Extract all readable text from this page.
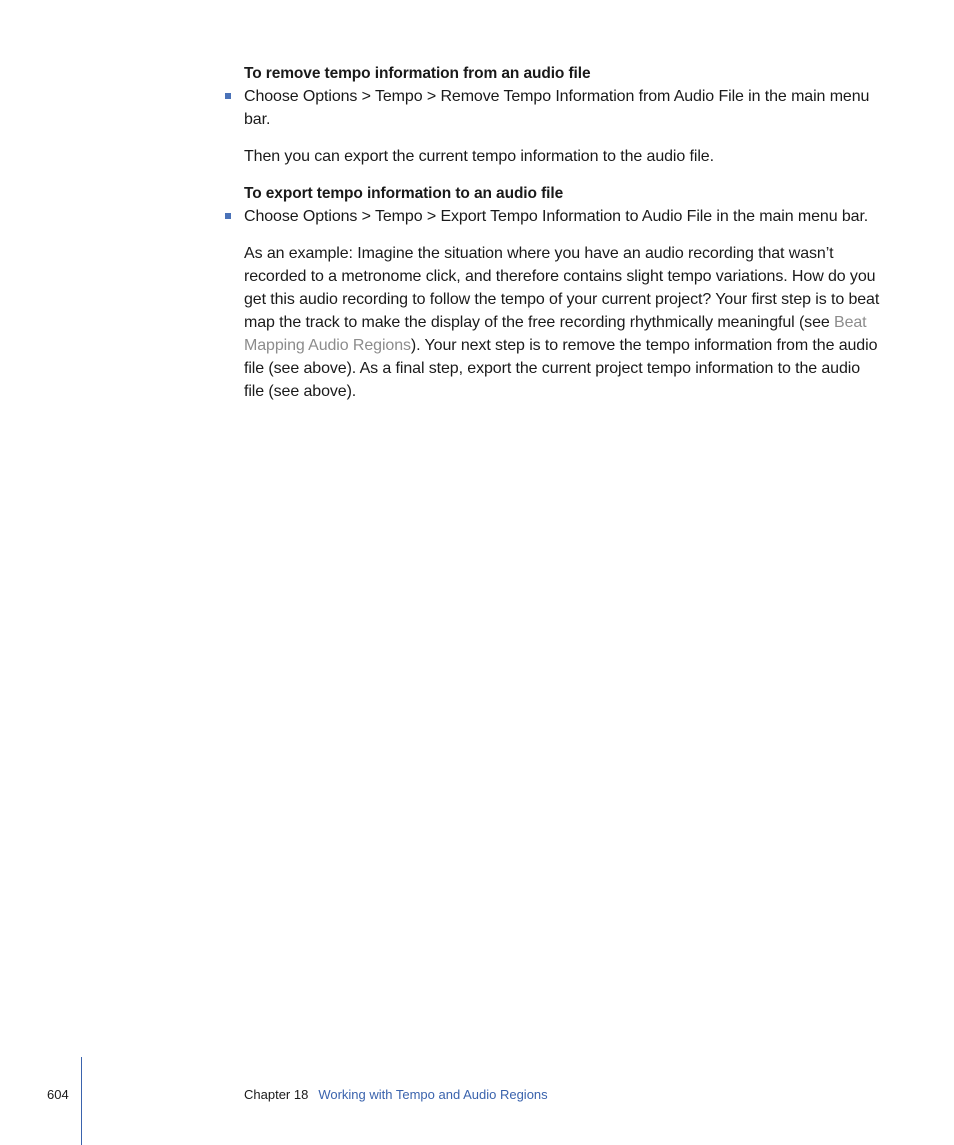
To remove tempo information from an audio file

Choose Options > Tempo > Remove Tempo Information from Audio File in the main menu bar.

Then you can export the current tempo information to the audio file.

To export tempo information to an audio file

Choose Options > Tempo > Export Tempo Information to Audio File in the main menu bar.

As an example: Imagine the situation where you have an audio recording that wasn’t recorded to a metronome click, and therefore contains slight tempo variations. How do you get this audio recording to follow the tempo of your current project? Your first step is to beat map the track to make the display of the free recording rhythmically meaningful (see Beat Mapping Audio Regions). Your next step is to remove the tempo information from the audio file (see above). As a final step, export the current project tempo information to the audio file (see above).

604	Chapter 18 Working with Tempo and Audio Regions
